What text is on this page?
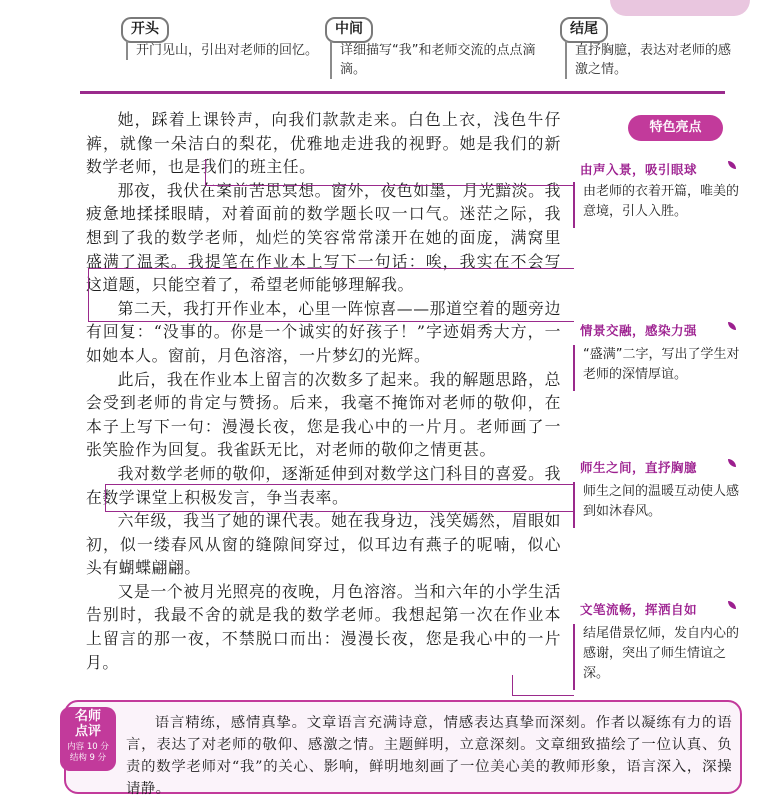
开头
开门见山，引出对老师的回忆。
中间
详细描写“我”和老师交流的点点滴滴。
结尾
直抒胸臆，表达对老师的感激之情。

她，踩着上课铃声，向我们款款走来。白色上衣，浅色牛仔裤，就像一朵洁白的梨花，优雅地走进我的视野。她是我们的新数学老师，也是我们的班主任。

那夜，我伏在案前苦思冥想。窗外，夜色如墨，月光黯淡。我疲惫地揉揉眼睛，对着面前的数学题长叹一口气。迷茫之际，我想到了我的数学老师，灿烂的笑容常常漾开在她的面庞，满窝里盛满了温柔。我提笔在作业本上写下一句话：唉，我实在不会写这道题，只能空着了，希望老师能够理解我。

第二天，我打开作业本，心里一阵惊喜——那道空着的题旁边有回复：“没事的。你是一个诚实的好孩子！”字迹娟秀大方，一如她本人。窗前，月色溶溶，一片梦幻的光辉。

此后，我在作业本上留言的次数多了起来。我的解题思路，总会受到老师的肯定与赞扬。后来，我毫不掩饰对老师的敬仰，在本子上写下一句：漫漫长夜，您是我心中的一片月。老师画了一张笑脸作为回复。我雀跃无比，对老师的敬仰之情更甚。

我对数学老师的敬仰，逐渐延伸到对数学这门科目的喜爱。我在数学课堂上积极发言，争当表率。

六年级，我当了她的课代表。她在我身边，浅笑嫣然，眉眼如初，似一缕春风从窗的缝隙间穿过，似耳边有燕子的呢喃，似心头有蝴蝶翩翩。

又是一个被月光照亮的夜晚，月色溶溶。当和六年的小学生活告别时，我最不舍的就是我的数学老师。我想起第一次在作业本上留言的那一夜，不禁脱口而出：漫漫长夜，您是我心中的一片月。

特色亮点
由声入景，吸引眼球
由老师的衣着开篇，唯美的意境，引人入胜。
情景交融，感染力强
“盛满”二字，写出了学生对老师的深情厚谊。
师生之间，直抒胸臆
师生之间的温暖互动使人感到如沐春风。
文笔流畅，挥洒自如
结尾借景忆师，发自内心的感谢，突出了师生情谊之深。
名师
点评
内容 10 分
结构 9 分

语言精练，感情真挚。文章语言充满诗意，情感表达真挚而深刻。作者以凝练有力的语言，表达了对老师的敬仰、感激之情。主题鲜明，立意深刻。文章细致描绘了一位认真、负责的数学老师对“我”的关心、影响，鲜明地刻画了一位美心美的教师形象，语言深入，深操请静。
